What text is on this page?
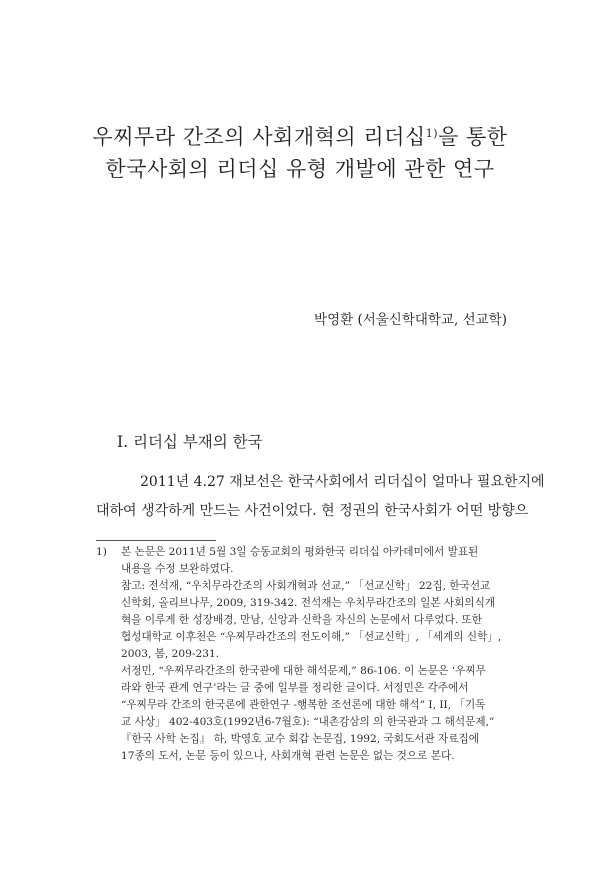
우찌무라 간조의 사회개혁의 리더십$^{1)}$을 통한
한국사회의 리더십 유형 개발에 관한 연구
박영환 (서울신학대학교, 선교학)
I. 리더십 부재의 한국
2011년 4.27 재보선은 한국사회에서 리더십이 얼마나 필요한지에
대하여 생각하게 만드는 사건이었다. 현 정권의 한국사회가 어떤 방향으
1) 본 논문은 2011년 5월 3일 승동교회의 평화한국 리더십 아카데미에서 발표된
내용을 수정 보완하였다.
참고: 전석재, “우치무라간조의 사회개혁과 선교,” 「선교신학」 22집, 한국선교
신학회, 올리브나무, 2009, 319-342. 전석재는 우치무라간조의 일본 사회의식개
혁을 이루게 한 성장배경, 만남, 신앙과 신학을 자신의 논문에서 다루었다. 또한
협성대학교 이후천은 “우찌무라간조의 전도이해,” 「선교신학」, 「세계의 신학」,
2003, 봄, 209-231.
서정민, “우찌무라간조의 한국관에 대한 해석문제,” 86-106. 이 논문은 ‘우찌무
라와 한국 관계 연구’라는 글 중에 일부를 정리한 글이다. 서정민은 각주에서
“우찌무라 간조의 한국론에 관한연구 -행복한 조선론에 대한 해석” I, II, 「기독
교 사상」 402-403호(1992년6-7월호): “내촌감삼의 의 한국관과 그 해석문제,”
『한국 사학 논집』 하, 박영호 교수 회갑 논문집, 1992, 국회도서관 자료집에
17종의 도서, 논문 등이 있으나, 사회개혁 관련 논문은 없는 것으로 본다.
